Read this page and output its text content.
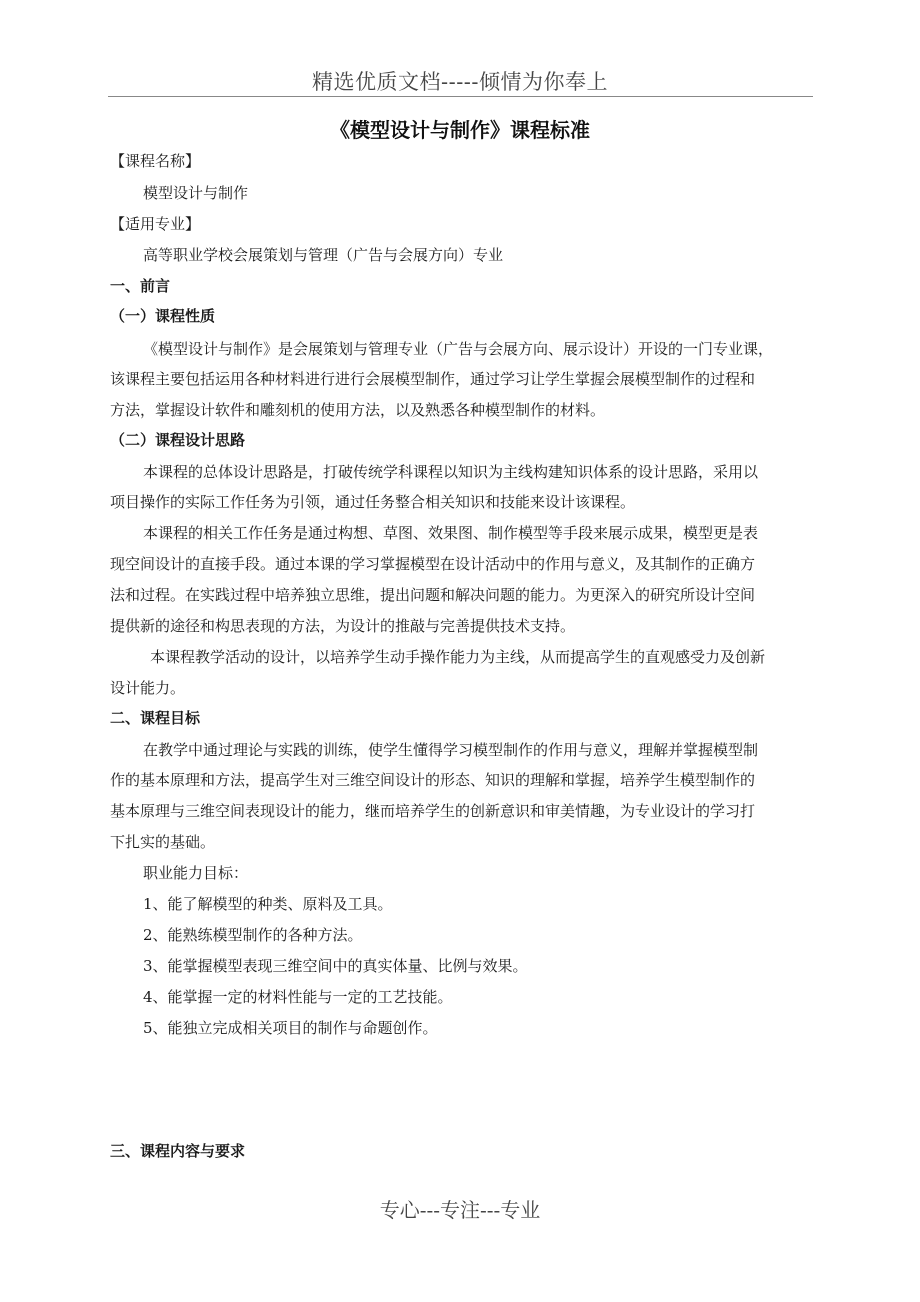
精选优质文档-----倾情为你奉上
《模型设计与制作》课程标准
【课程名称】
模型设计与制作
【适用专业】
高等职业学校会展策划与管理（广告与会展方向）专业
一、前言
（一）课程性质
《模型设计与制作》是会展策划与管理专业（广告与会展方向、展示设计）开设的一门专业课，
该课程主要包括运用各种材料进行进行会展模型制作，通过学习让学生掌握会展模型制作的过程和
方法，掌握设计软件和雕刻机的使用方法，以及熟悉各种模型制作的材料。
（二）课程设计思路
本课程的总体设计思路是，打破传统学科课程以知识为主线构建知识体系的设计思路，采用以
项目操作的实际工作任务为引领，通过任务整合相关知识和技能来设计该课程。
本课程的相关工作任务是通过构想、草图、效果图、制作模型等手段来展示成果，模型更是表
现空间设计的直接手段。通过本课的学习掌握模型在设计活动中的作用与意义，及其制作的正确方
法和过程。在实践过程中培养独立思维，提出问题和解决问题的能力。为更深入的研究所设计空间
提供新的途径和构思表现的方法，为设计的推敲与完善提供技术支持。
本课程教学活动的设计，以培养学生动手操作能力为主线，从而提高学生的直观感受力及创新
设计能力。
二、课程目标
在教学中通过理论与实践的训练，使学生懂得学习模型制作的作用与意义，理解并掌握模型制
作的基本原理和方法，提高学生对三维空间设计的形态、知识的理解和掌握，培养学生模型制作的
基本原理与三维空间表现设计的能力，继而培养学生的创新意识和审美情趣，为专业设计的学习打
下扎实的基础。
职业能力目标：
1、能了解模型的种类、原料及工具。
2、能熟练模型制作的各种方法。
3、能掌握模型表现三维空间中的真实体量、比例与效果。
4、能掌握一定的材料性能与一定的工艺技能。
5、能独立完成相关项目的制作与命题创作。
三、课程内容与要求
专心---专注---专业
